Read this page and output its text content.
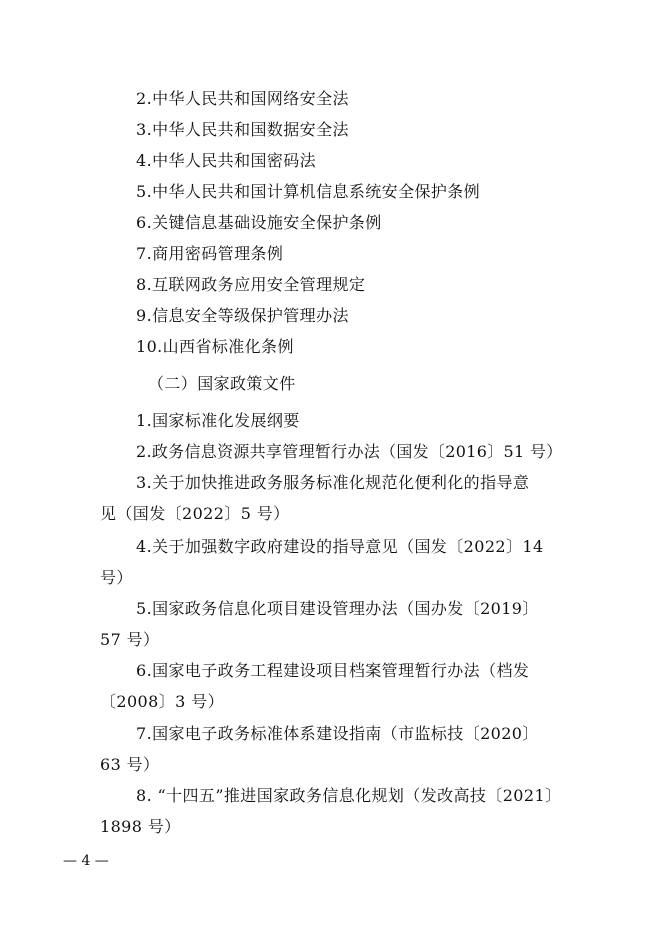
2.中华人民共和国网络安全法
3.中华人民共和国数据安全法
4.中华人民共和国密码法
5.中华人民共和国计算机信息系统安全保护条例
6.关键信息基础设施安全保护条例
7.商用密码管理条例
8.互联网政务应用安全管理规定
9.信息安全等级保护管理办法
10.山西省标准化条例
（二）国家政策文件
1.国家标准化发展纲要
2.政务信息资源共享管理暂行办法（国发〔2016〕51 号）
3.关于加快推进政务服务标准化规范化便利化的指导意
见（国发〔2022〕5 号）
4.关于加强数字政府建设的指导意见（国发〔2022〕14
号）
5.国家政务信息化项目建设管理办法（国办发〔2019〕
57 号）
6.国家电子政务工程建设项目档案管理暂行办法（档发
〔2008〕3 号）
7.国家电子政务标准体系建设指南（市监标技〔2020〕
63 号）
8. “十四五”推进国家政务信息化规划（发改高技〔2021〕
1898 号）
— 4 —
